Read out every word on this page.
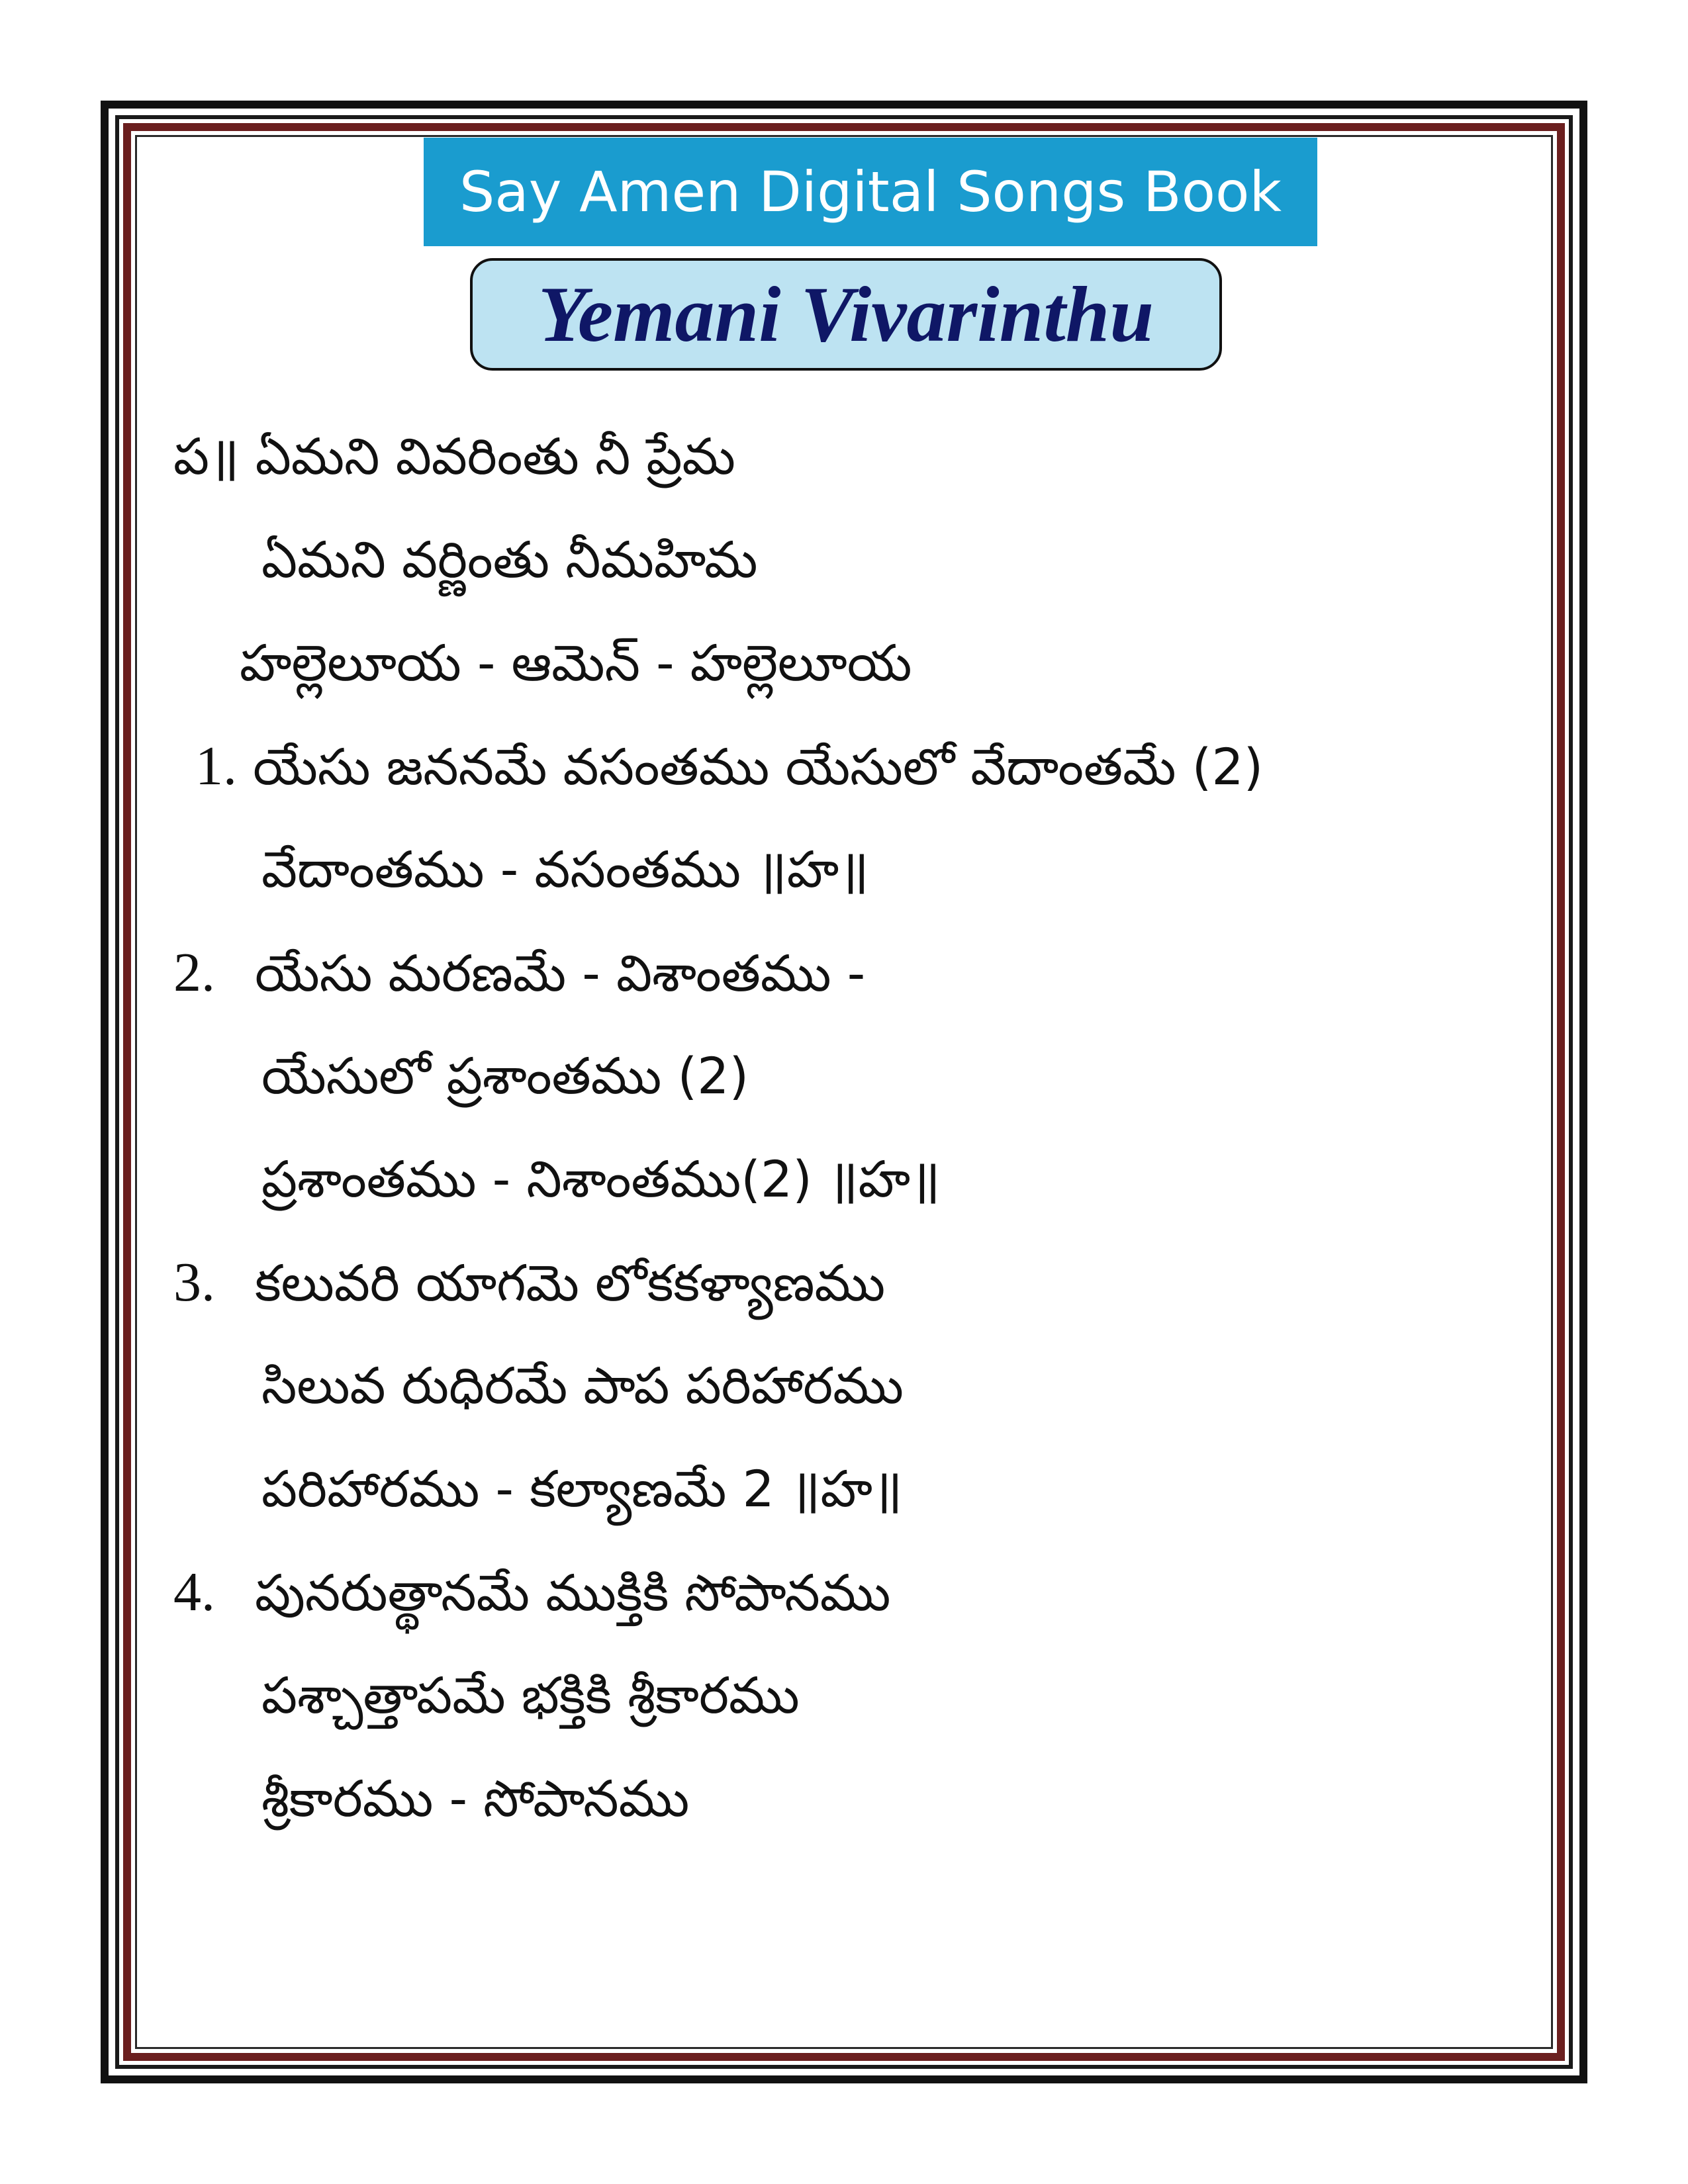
Say Amen Digital Songs Book
Yemani Vivarinthu
ప॥ ఏమని వివరింతు నీ ప్రేమ
ఏమని వర్ణింతు నీమహిమ
హల్లెలూయ - ఆమెన్ - హల్లెలూయ
1. యేసు జననమే వసంతము యేసులో వేదాంతమే (2)
వేదాంతము - వసంతము ॥హ॥
2. యేసు మరణమే - విశాంతము -
యేసులో ప్రశాంతము (2)
ప్రశాంతము - నిశాంతము(2) ॥హ॥
3. కలువరి యాగమె లోకకళ్యాణము
సిలువ రుధిరమే పాప పరిహారము
పరిహారము - కల్యాణమే 2 ॥హ॥
4. పునరుత్థానమే ముక్తికి సోపానము
పశ్చాత్తాపమే భక్తికి శ్రీకారము
శ్రీకారము - సోపానము
